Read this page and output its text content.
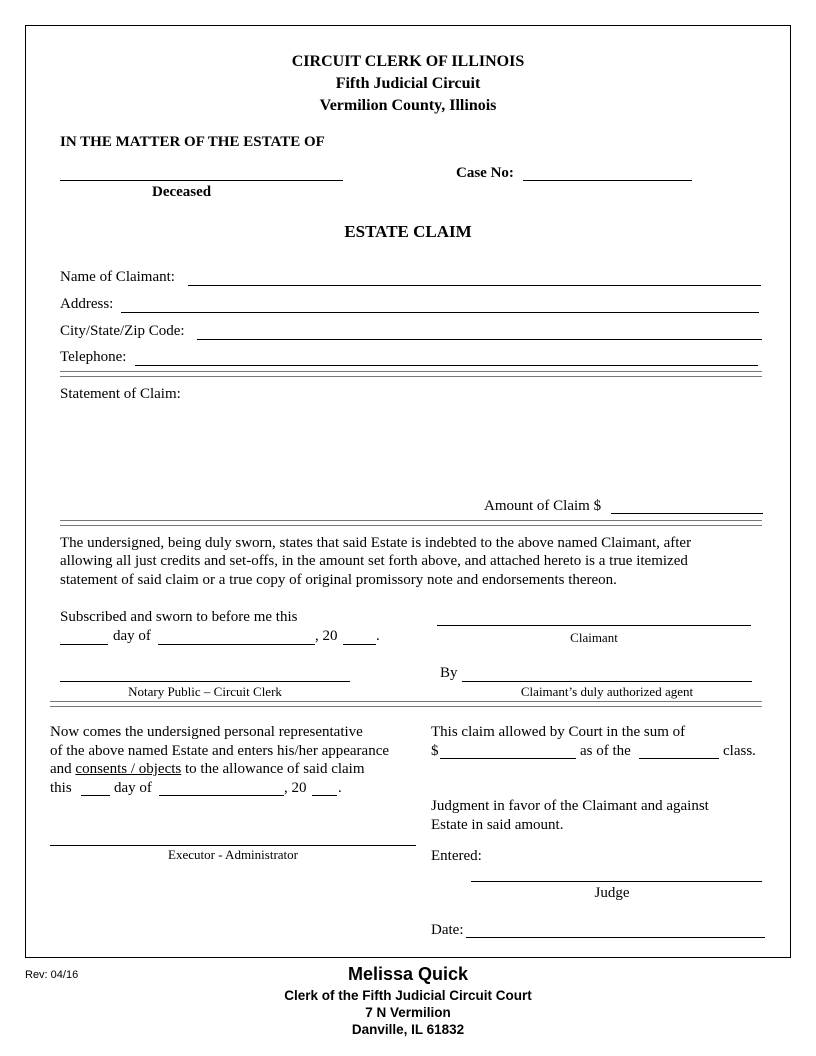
CIRCUIT CLERK OF ILLINOIS
Fifth Judicial Circuit
Vermilion County, Illinois
IN THE MATTER OF THE ESTATE OF
Deceased
Case No:
ESTATE CLAIM
Name of Claimant:
Address:
City/State/Zip Code:
Telephone:
Statement of Claim:
Amount of Claim $
The undersigned, being duly sworn, states that said Estate is indebted to the above named Claimant, after
allowing all just credits and set-offs, in the amount set forth above, and attached hereto is a true itemized
statement of said claim or a true copy of original promissory note and endorsements thereon.
Subscribed and sworn to before me this
day of	, 20	.	Claimant
By
Claimant’s duly authorized agent
Notary Public – Circuit Clerk
Now comes the undersigned personal representative
of the above named Estate and enters his/her appearance
and consents / objects to the allowance of said claim
this	day of	, 20 .
Executor - Administrator
This claim allowed by Court in the sum of
$	as of the	class.
Judgment in favor of the Claimant and against
Estate in said amount.
Entered:
Judge
Date:
Rev: 04/16	Melissa Quick
Clerk of the Fifth Judicial Circuit Court
7 N Vermilion
Danville, IL 61832
